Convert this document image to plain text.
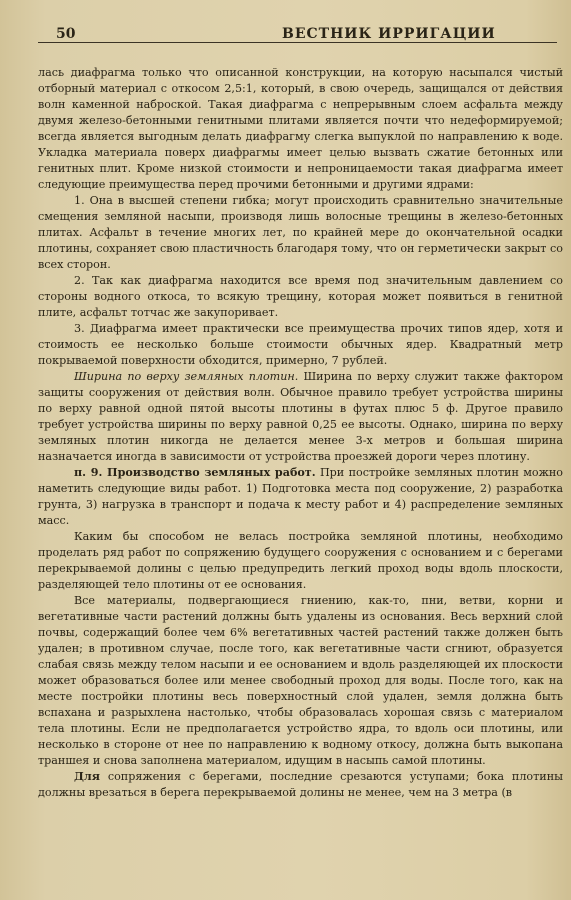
50	ВЕСТНИК ИРРИГАЦИИ

лась диафрагма только что описанной конструкции, на которую насыпался чистый отборный материал с откосом 2,5:1, который, в свою очередь, защищался от действия волн каменной наброской. Такая диафрагма с непрерывным слоем асфальта между двумя железо-бетонными генитными плитами является почти что недеформируемой; всегда является выгодным делать диафрагму слегка выпуклой по направлению к воде. Укладка материала поверх диафрагмы имеет целью вызвать сжатие бетонных или генитных плит. Кроме низкой стоимости и непроницаемости такая диафрагма имеет следующие преимущества перед прочими бетонными и другими ядрами:

1. Она в высшей степени гибка; могут происходить сравнительно значительные смещения земляной насыпи, производя лишь волосные трещины в железо-бетонных плитах. Асфальт в течение многих лет, по крайней мере до окончательной осадки плотины, сохраняет свою пластичность благодаря тому, что он герметически закрыт со всех сторон.

2. Так как диафрагма находится все время под значительным давлением со стороны водного откоса, то всякую трещину, которая может появиться в генитной плите, асфальт тотчас же закупоривает.

3. Диафрагма имеет практически все преимущества прочих типов ядер, хотя и стоимость ее несколько больше стоимости обычных ядер. Квадратный метр покрываемой поверхности обходится, примерно, 7 рублей.

Ширина по верху земляных плотин. Ширина по верху служит также фактором защиты сооружения от действия волн. Обычное правило требует устройства ширины по верху равной одной пятой высоты плотины в футах плюс 5 ф. Другое правило требует устройства ширины по верху равной 0,25 ее высоты. Однако, ширина по верху земляных плотин никогда не делается менее 3-х метров и большая ширина назначается иногда в зависимости от устройства проезжей дороги через плотину.

п. 9. Производство земляных работ. При постройке земляных плотин можно наметить следующие виды работ. 1) Подготовка места под сооружение, 2) разработка грунта, 3) нагрузка в транспорт и подача к месту работ и 4) распределение земляных масс.

Каким бы способом не велась постройка земляной плотины, необходимо проделать ряд работ по сопряжению будущего сооружения с основанием и с берегами перекрываемой долины с целью предупредить легкий проход воды вдоль плоскости, разделяющей тело плотины от ее основания.

Все материалы, подвергающиеся гниению, как-то, пни, ветви, корни и вегетативные части растений должны быть удалены из основания. Весь верхний слой почвы, содержащий более чем 6% вегетативных частей растений также должен быть удален; в противном случае, после того, как вегетативные части сгниют, образуется слабая связь между телом насыпи и ее основанием и вдоль разделяющей их плоскости может образоваться более или менее свободный проход для воды. После того, как на месте постройки плотины весь поверхностный слой удален, земля должна быть вспахана и разрыхлена настолько, чтобы образовалась хорошая связь с материалом тела плотины. Если не предполагается устройство ядра, то вдоль оси плотины, или несколько в стороне от нее по направлению к водному откосу, должна быть выкопана траншея и снова заполнена материалом, идущим в насыпь самой плотины.

Для сопряжения с берегами, последние срезаются уступами; бока плотины должны врезаться в берега перекрываемой долины не менее, чем на 3 метра (в
